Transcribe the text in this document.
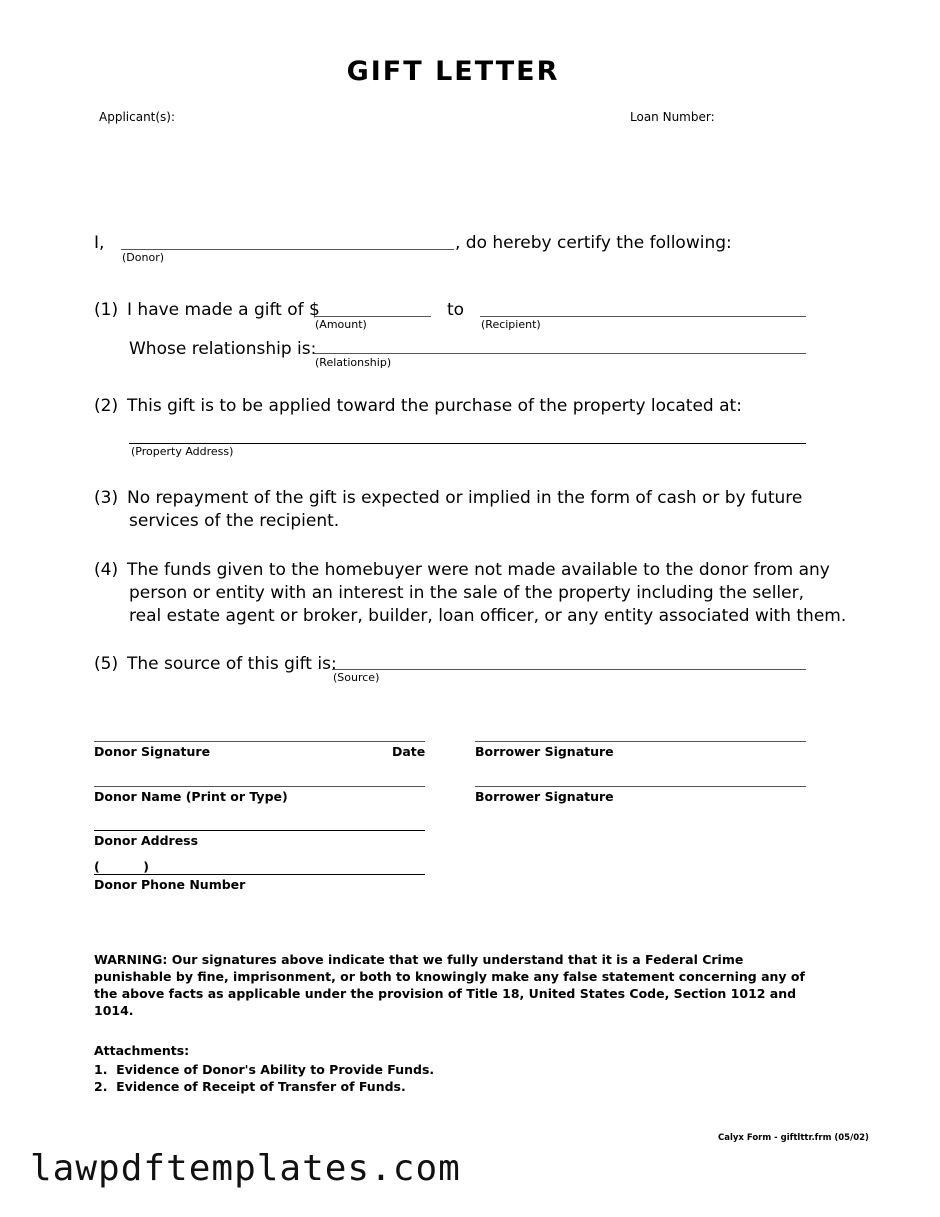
GIFT LETTER
Applicant(s):	Loan Number:
I,	, do hereby certify the following:
(Donor)
(1) I have made a gift of $
(Amount)
to
(Recipient)
Whose relationship is:
(Relationship)
(2) This gift is to be applied toward the purchase of the property located at:
(Property Address)
(3) No repayment of the gift is expected or implied in the form of cash or by future
services of the recipient.
(4) The funds given to the homebuyer were not made available to the donor from any
person or entity with an interest in the sale of the property including the seller,
real estate agent or broker, builder, loan officer, or any entity associated with them.
(5) The source of this gift is:
(Source)
Donor Signature	Date	Borrower Signature
Donor Name (Print or Type)	Borrower Signature
Donor Address
(          )
Donor Phone Number
WARNING: Our signatures above indicate that we fully understand that it is a Federal Crime punishable by fine, imprisonment, or both to knowingly make any false statement concerning any of the above facts as applicable under the provision of Title 18, United States Code, Section 1012 and 1014.
Attachments:
1.  Evidence of Donor's Ability to Provide Funds.
2.  Evidence of Receipt of Transfer of Funds.
Calyx Form - giftlttr.frm (05/02)
lawpdftemplates.com
